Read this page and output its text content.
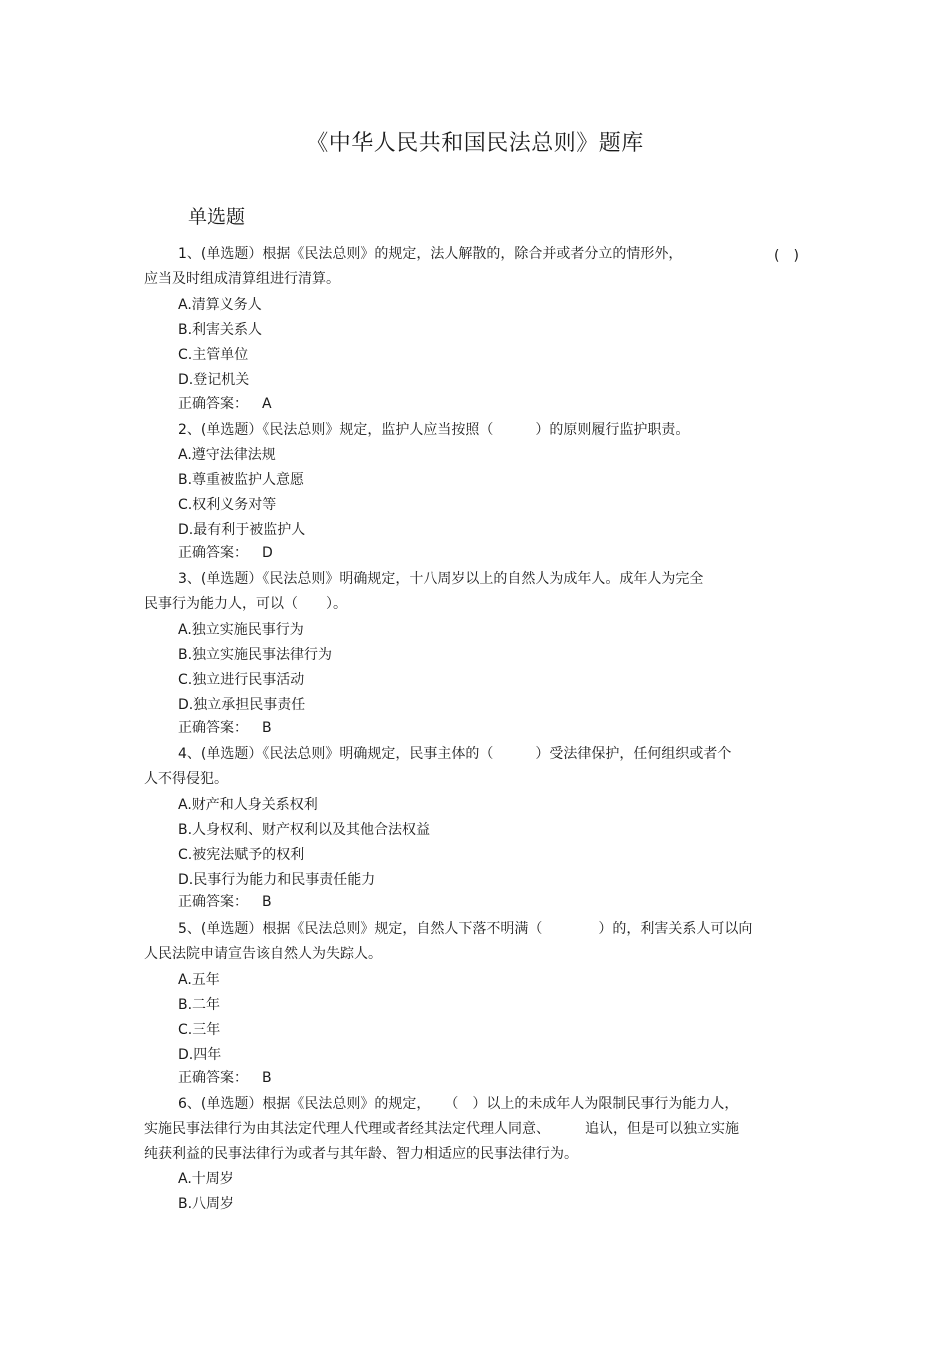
《中华人民共和国民法总则》题库
单选题
1、(单选题）根据《民法总则》的规定，法人解散的，除合并或者分立的情形外，	(　)
应当及时组成清算组进行清算。
A.清算义务人
B.利害关系人
C.主管单位
D.登记机关
正确答案： A
2、(单选题）《民法总则》规定，监护人应当按照（　　　）的原则履行监护职责。
A.遵守法律法规
B.尊重被监护人意愿
C.权利义务对等
D.最有利于被监护人
正确答案： D
3、(单选题）《民法总则》明确规定，十八周岁以上的自然人为成年人。成年人为完全
民事行为能力人，可以（　　）。
A.独立实施民事行为
B.独立实施民事法律行为
C.独立进行民事活动
D.独立承担民事责任
正确答案： B
4、(单选题）《民法总则》明确规定，民事主体的（　　　）受法律保护，任何组织或者个
人不得侵犯。
A.财产和人身关系权利
B.人身权利、财产权利以及其他合法权益
C.被宪法赋予的权利
D.民事行为能力和民事责任能力
正确答案： B
5、(单选题）根据《民法总则》规定，自然人下落不明满（　　　　）的，利害关系人可以向
人民法院申请宣告该自然人为失踪人。
A.五年
B.二年
C.三年
D.四年
正确答案： B
6、(单选题）根据《民法总则》的规定，　　（　）以上的未成年人为限制民事行为能力人，
实施民事法律行为由其法定代理人代理或者经其法定代理人同意、　　　追认，但是可以独立实施
纯获利益的民事法律行为或者与其年龄、智力相适应的民事法律行为。
A.十周岁
B.八周岁
